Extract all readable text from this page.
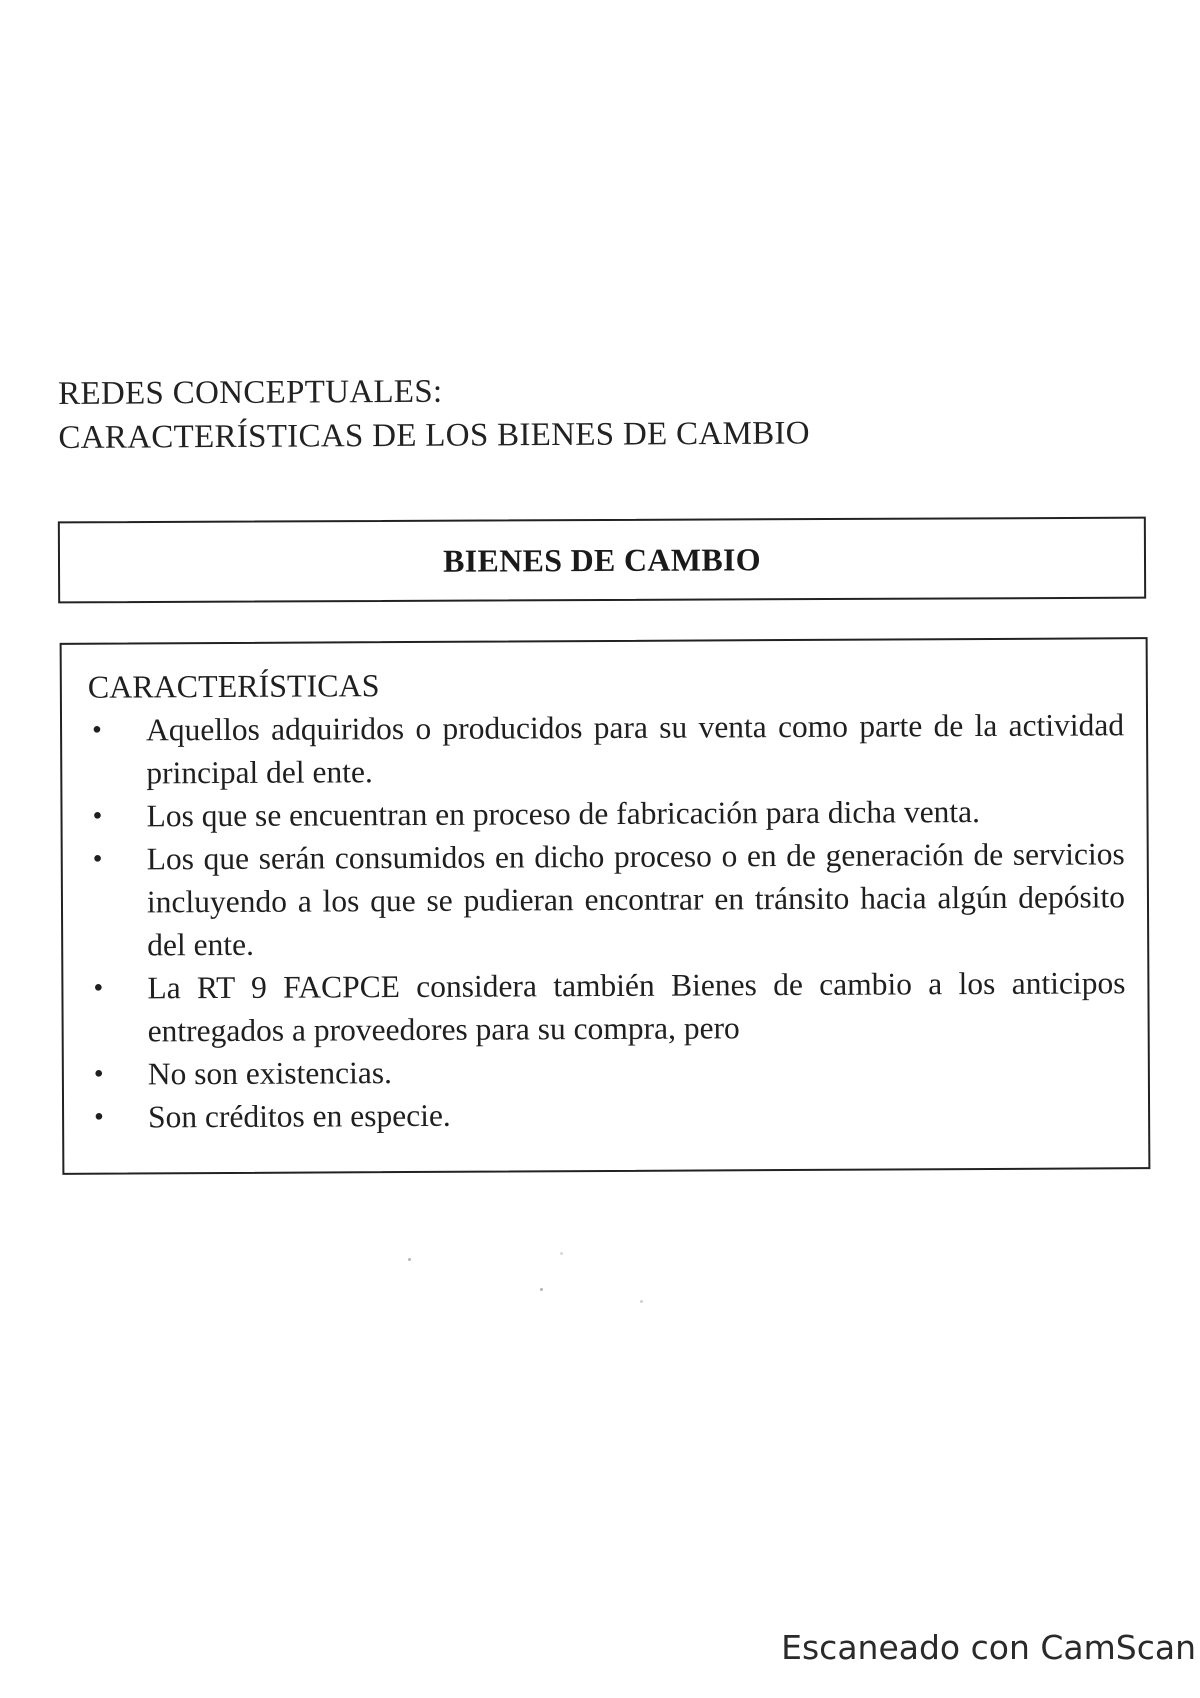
REDES CONCEPTUALES:
CARACTERÍSTICAS DE LOS BIENES DE CAMBIO
BIENES DE CAMBIO
CARACTERÍSTICAS
• Aquellos adquiridos o producidos para su venta como parte de la actividad principal del ente.
• Los que se encuentran en proceso de fabricación para dicha venta.
• Los que serán consumidos en dicho proceso o en de generación de servicios incluyendo a los que se pudieran encontrar en tránsito hacia algún depósito del ente.
• La RT 9 FACPCE considera también Bienes de cambio a los anticipos entregados a proveedores para su compra, pero
• No son existencias.
• Son créditos en especie.
Escaneado con CamScan
